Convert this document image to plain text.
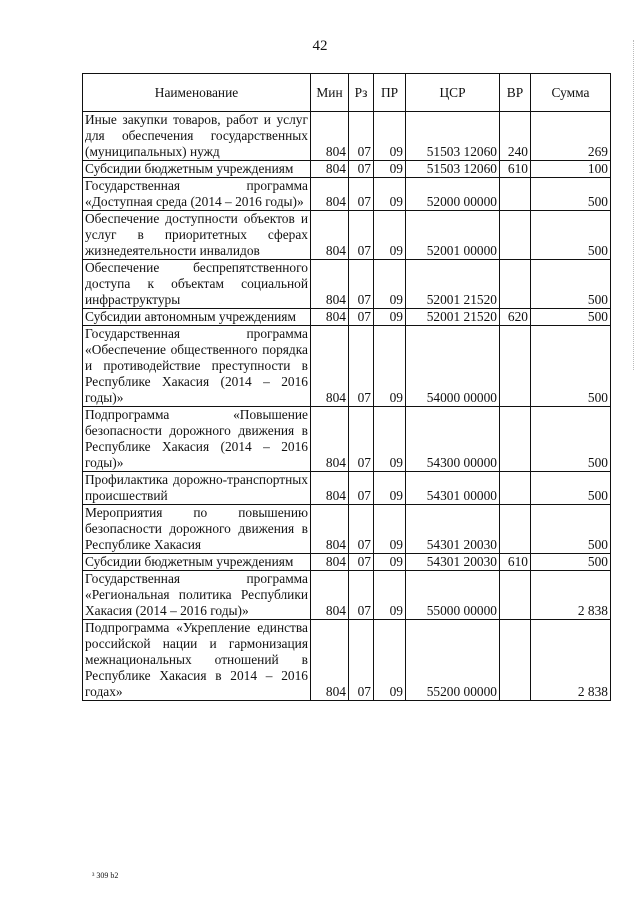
42
Наименование	Мин	Рз	ПР	ЦСР	ВР	Сумма
Иные закупки товаров, работ и услуг для обеспечения государственных (муниципальных) нужд	804	07	09	51503 12060	240	269
Субсидии бюджетным учреждениям	804	07	09	51503 12060	610	100
Государственная программа «Доступная среда (2014 – 2016 годы)»	804	07	09	52000 00000		500
Обеспечение доступности объектов и услуг в приоритетных сферах жизнедеятельности инвалидов	804	07	09	52001 00000		500
Обеспечение беспрепятственного доступа к объектам социальной инфраструктуры	804	07	09	52001 21520		500
Субсидии автономным учреждениям	804	07	09	52001 21520	620	500
Государственная программа «Обеспечение общественного порядка и противодействие преступности в Республике Хакасия (2014 – 2016 годы)»	804	07	09	54000 00000		500
Подпрограмма «Повышение безопасности дорожного движения в Республике Хакасия (2014 – 2016 годы)»	804	07	09	54300 00000		500
Профилактика дорожно-транспортных происшествий	804	07	09	54301 00000		500
Мероприятия по повышению безопасности дорожного движения в Республике Хакасия	804	07	09	54301 20030		500
Субсидии бюджетным учреждениям	804	07	09	54301 20030	610	500
Государственная программа «Региональная политика Республики Хакасия (2014 – 2016 годы)»	804	07	09	55000 00000		2 838
Подпрограмма «Укрепление единства российской нации и гармонизация межнациональных отношений в Республике Хакасия в 2014 – 2016 годах»	804	07	09	55200 00000		2 838
³ 309 b2
